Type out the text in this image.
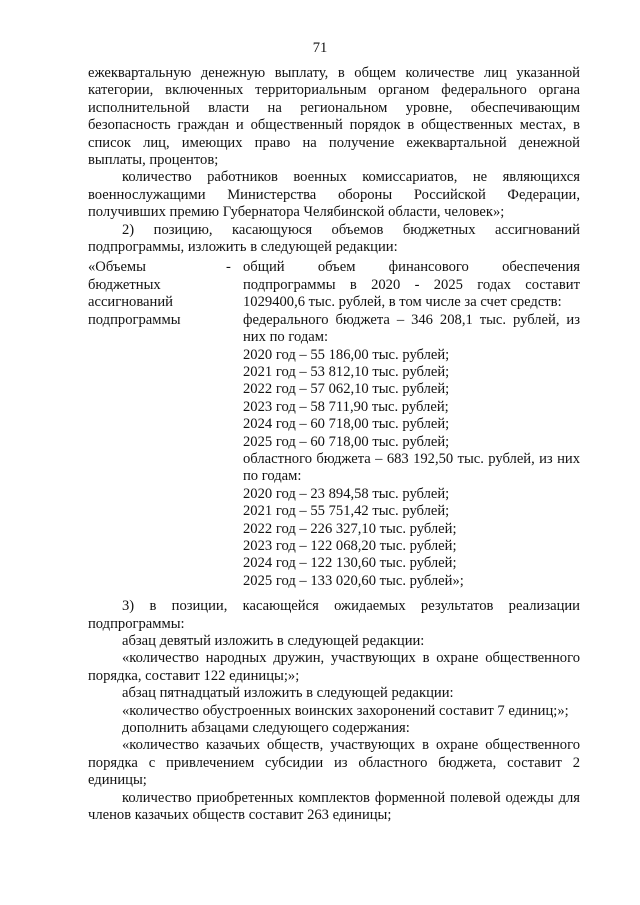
71
ежеквартальную денежную выплату, в общем количестве лиц указанной категории, включенных территориальным органом федерального органа исполнительной власти на региональном уровне, обеспечивающим безопасность граждан и общественный порядок в общественных местах, в список лиц, имеющих право на получение ежеквартальной денежной выплаты, процентов;
количество работников военных комиссариатов, не являющихся военнослужащими Министерства обороны Российской Федерации, получивших премию Губернатора Челябинской области, человек»;
2) позицию, касающуюся объемов бюджетных ассигнований подпрограммы, изложить в следующей редакции:
«Объемы
бюджетных
ассигнований
подпрограммы
- общий объем финансового обеспечения подпрограммы в 2020 - 2025 годах составит 1029400,6 тыс. рублей, в том числе за счет средств:
федерального бюджета – 346 208,1 тыс. рублей, из них по годам:
2020 год – 55 186,00 тыс. рублей;
2021 год – 53 812,10 тыс. рублей;
2022 год – 57 062,10 тыс. рублей;
2023 год – 58 711,90 тыс. рублей;
2024 год – 60 718,00 тыс. рублей;
2025 год – 60 718,00 тыс. рублей;
областного бюджета – 683 192,50 тыс. рублей, из них по годам:
2020 год – 23 894,58 тыс. рублей;
2021 год – 55 751,42 тыс. рублей;
2022 год – 226 327,10 тыс. рублей;
2023 год – 122 068,20 тыс. рублей;
2024 год – 122 130,60 тыс. рублей;
2025 год – 133 020,60 тыс. рублей»;
3) в позиции, касающейся ожидаемых результатов реализации подпрограммы:
абзац девятый изложить в следующей редакции:
«количество народных дружин, участвующих в охране общественного порядка, составит 122 единицы;»;
абзац пятнадцатый изложить в следующей редакции:
«количество обустроенных воинских захоронений составит 7 единиц;»;
дополнить абзацами следующего содержания:
«количество казачьих обществ, участвующих в охране общественного порядка с привлечением субсидии из областного бюджета, составит 2 единицы;
количество приобретенных комплектов форменной полевой одежды для членов казачьих обществ составит 263 единицы;
